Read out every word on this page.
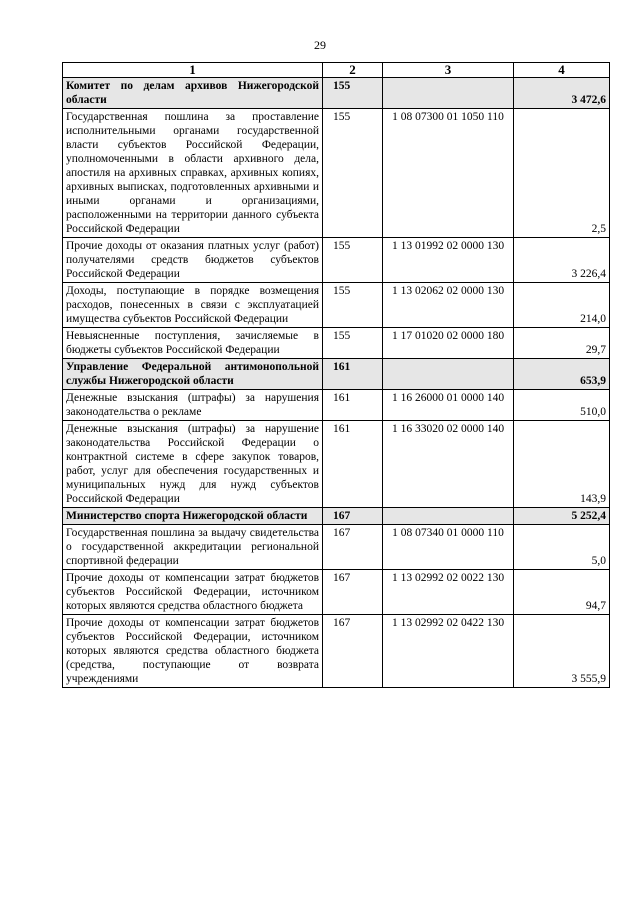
29
1	2	3	4
Комитет по делам архивов Нижегородской области	155		3 472,6
Государственная пошлина за проставление исполнительными органами государственной власти субъектов Российской Федерации, уполномоченными в области архивного дела, апостиля на архивных справках, архивных копиях, архивных выписках, подготовленных архивными и иными органами и организациями, расположенными на территории данного субъекта Российской Федерации	155	1 08 07300 01 1050 110	2,5
Прочие доходы от оказания платных услуг (работ) получателями средств бюджетов субъектов Российской Федерации	155	1 13 01992 02 0000 130	3 226,4
Доходы, поступающие в порядке возмещения расходов, понесенных в связи с эксплуатацией имущества субъектов Российской Федерации	155	1 13 02062 02 0000 130	214,0
Невыясненные поступления, зачисляемые в бюджеты субъектов Российской Федерации	155	1 17 01020 02 0000 180	29,7
Управление Федеральной антимонопольной службы Нижегородской области	161		653,9
Денежные взыскания (штрафы) за нарушения законодательства о рекламе	161	1 16 26000 01 0000 140	510,0
Денежные взыскания (штрафы) за нарушение законодательства Российской Федерации о контрактной системе в сфере закупок товаров, работ, услуг для обеспечения государственных и муниципальных нужд для нужд субъектов Российской Федерации	161	1 16 33020 02 0000 140	143,9
Министерство спорта Нижегородской области	167		5 252,4
Государственная пошлина за выдачу свидетельства о государственной аккредитации региональной спортивной федерации	167	1 08 07340 01 0000 110	5,0
Прочие доходы от компенсации затрат бюджетов субъектов Российской Федерации, источником которых являются средства областного бюджета	167	1 13 02992 02 0022 130	94,7
Прочие доходы от компенсации затрат бюджетов субъектов Российской Федерации, источником которых являются средства областного бюджета (средства, поступающие от возврата учреждениями	167	1 13 02992 02 0422 130	3 555,9
